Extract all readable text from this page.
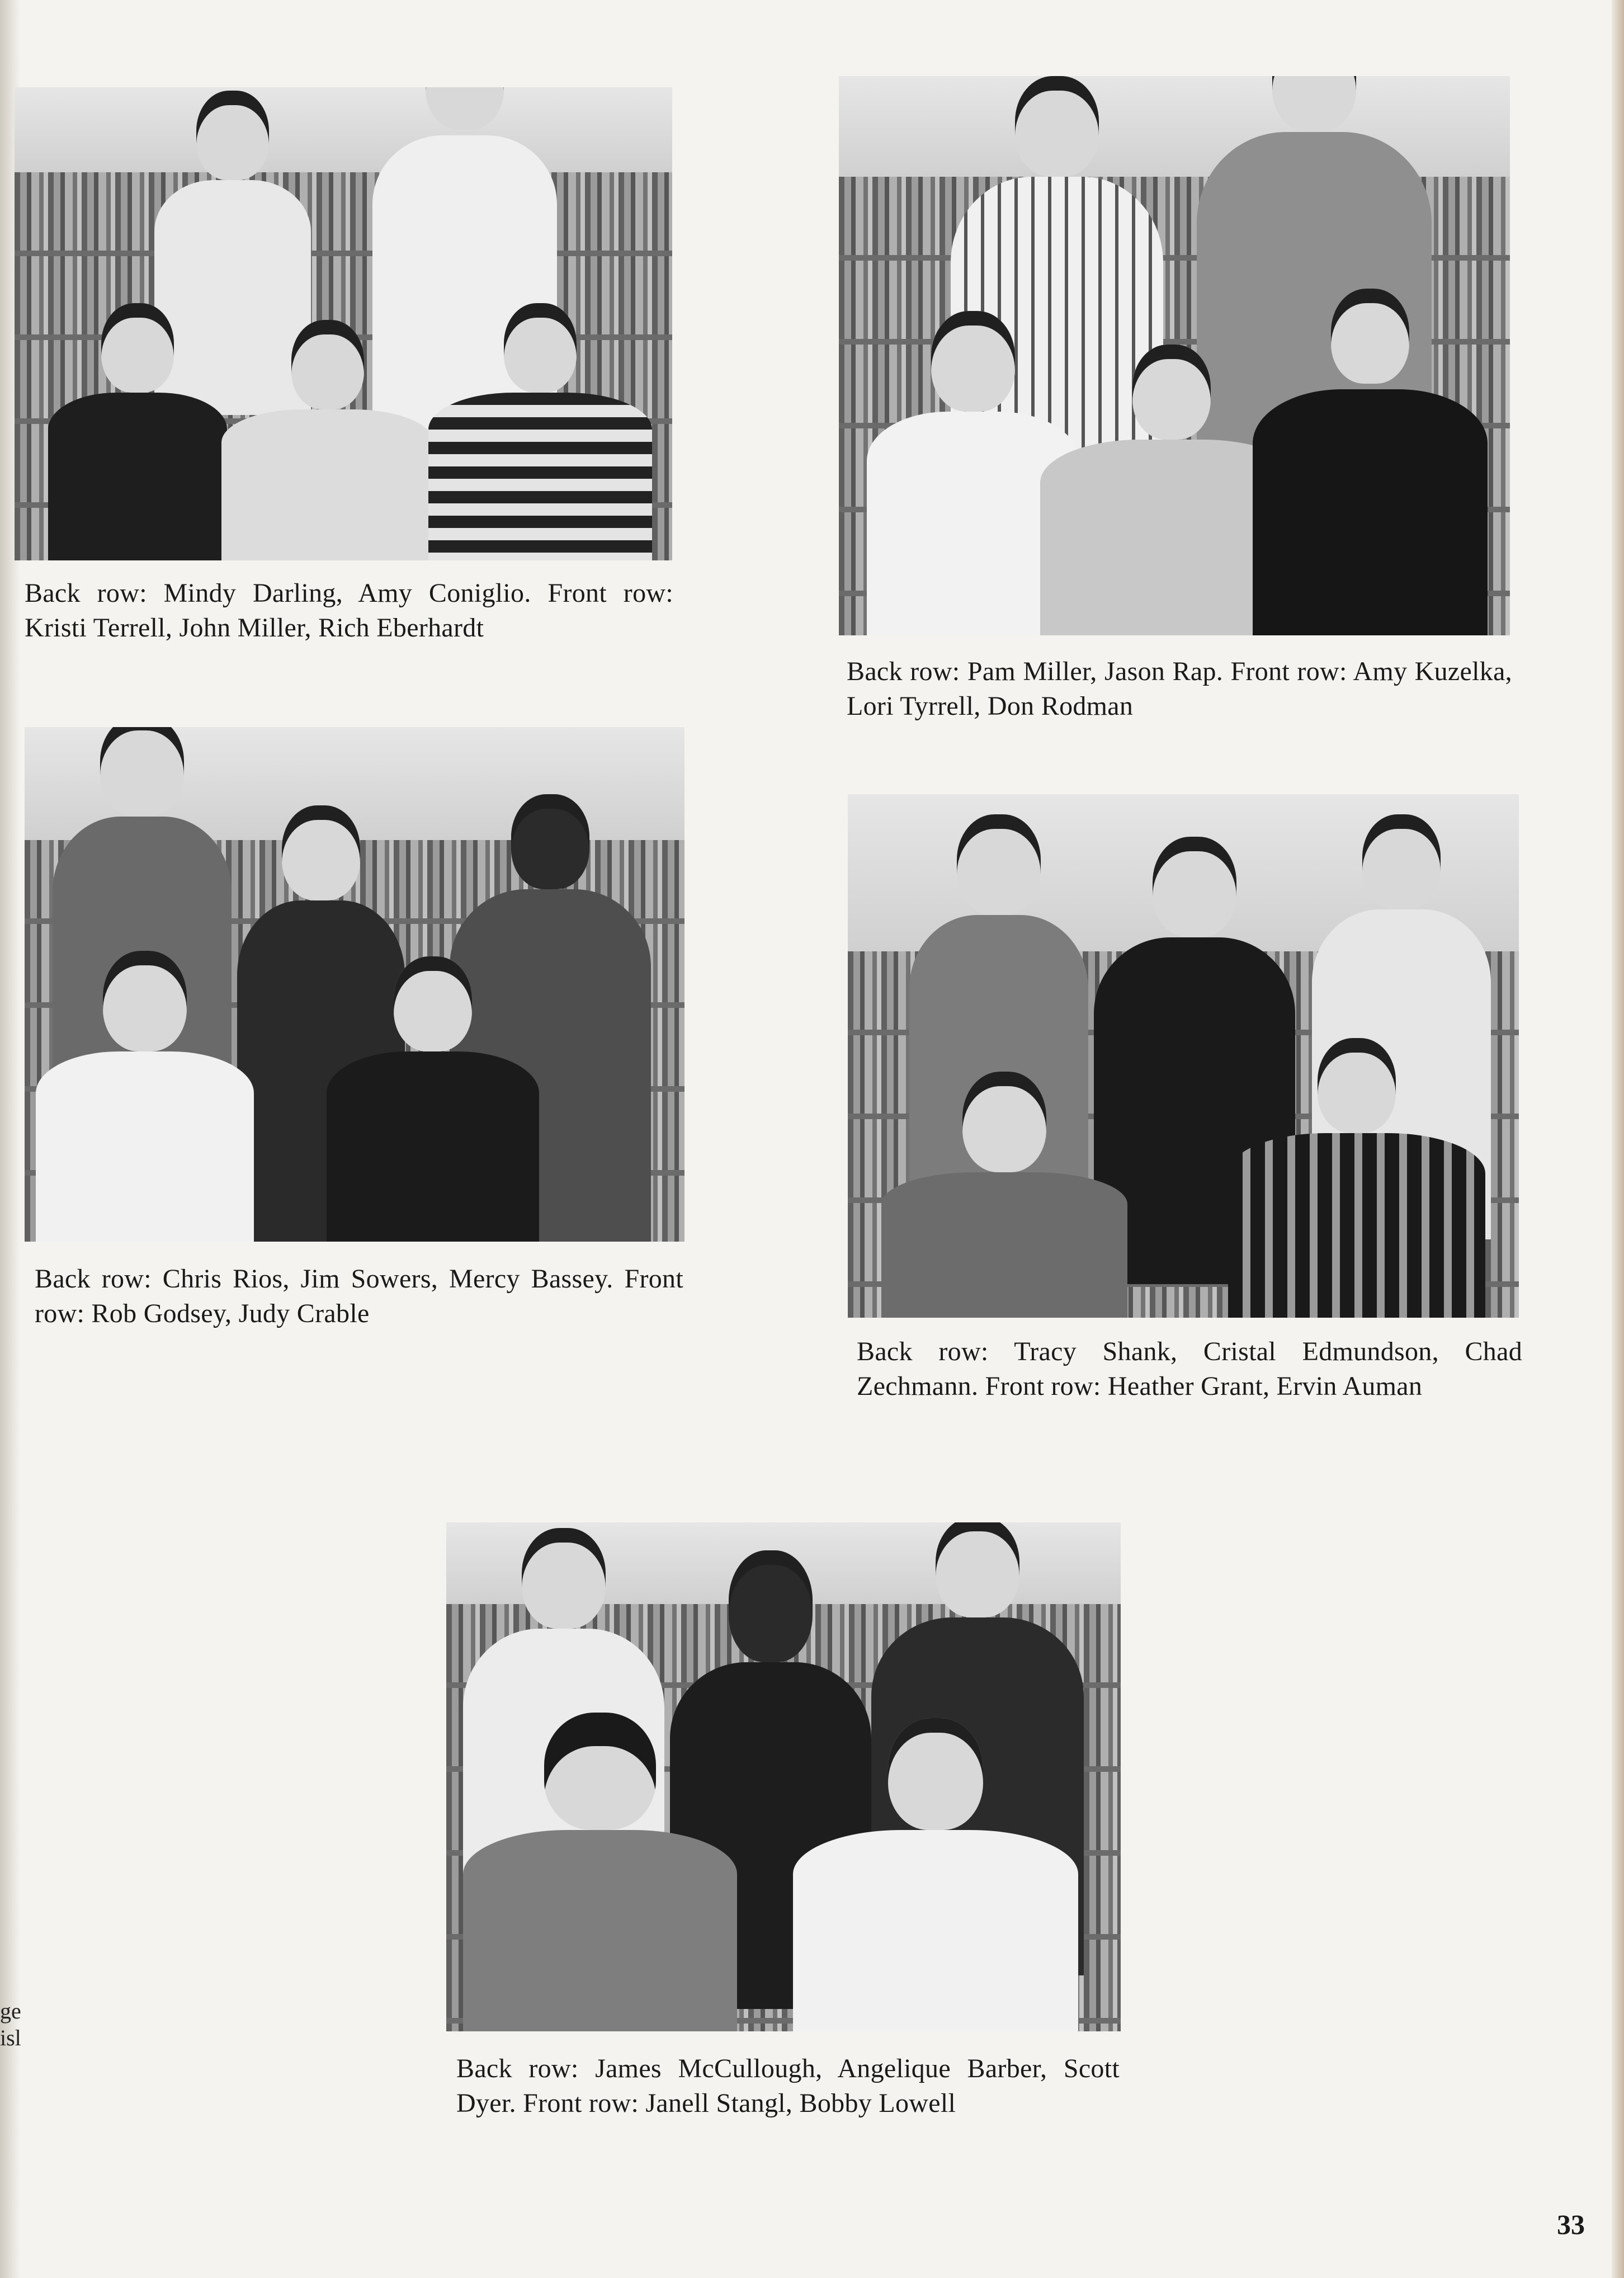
Back row: Mindy Darling, Amy Coniglio. Front row: Kristi Terrell, John Miller, Rich Eberhardt
Back row: Pam Miller, Jason Rap. Front row: Amy Kuzelka, Lori Tyrrell, Don Rodman
Back row: Chris Rios, Jim Sowers, Mercy Bassey. Front row: Rob Godsey, Judy Crable
Back row: Tracy Shank, Cristal Edmundson, Chad Zechmann. Front row: Heather Grant, Ervin Auman
Back row: James McCullough, Angelique Barber, Scott Dyer. Front row: Janell Stangl, Bobby Lowell
ge
isl
33
